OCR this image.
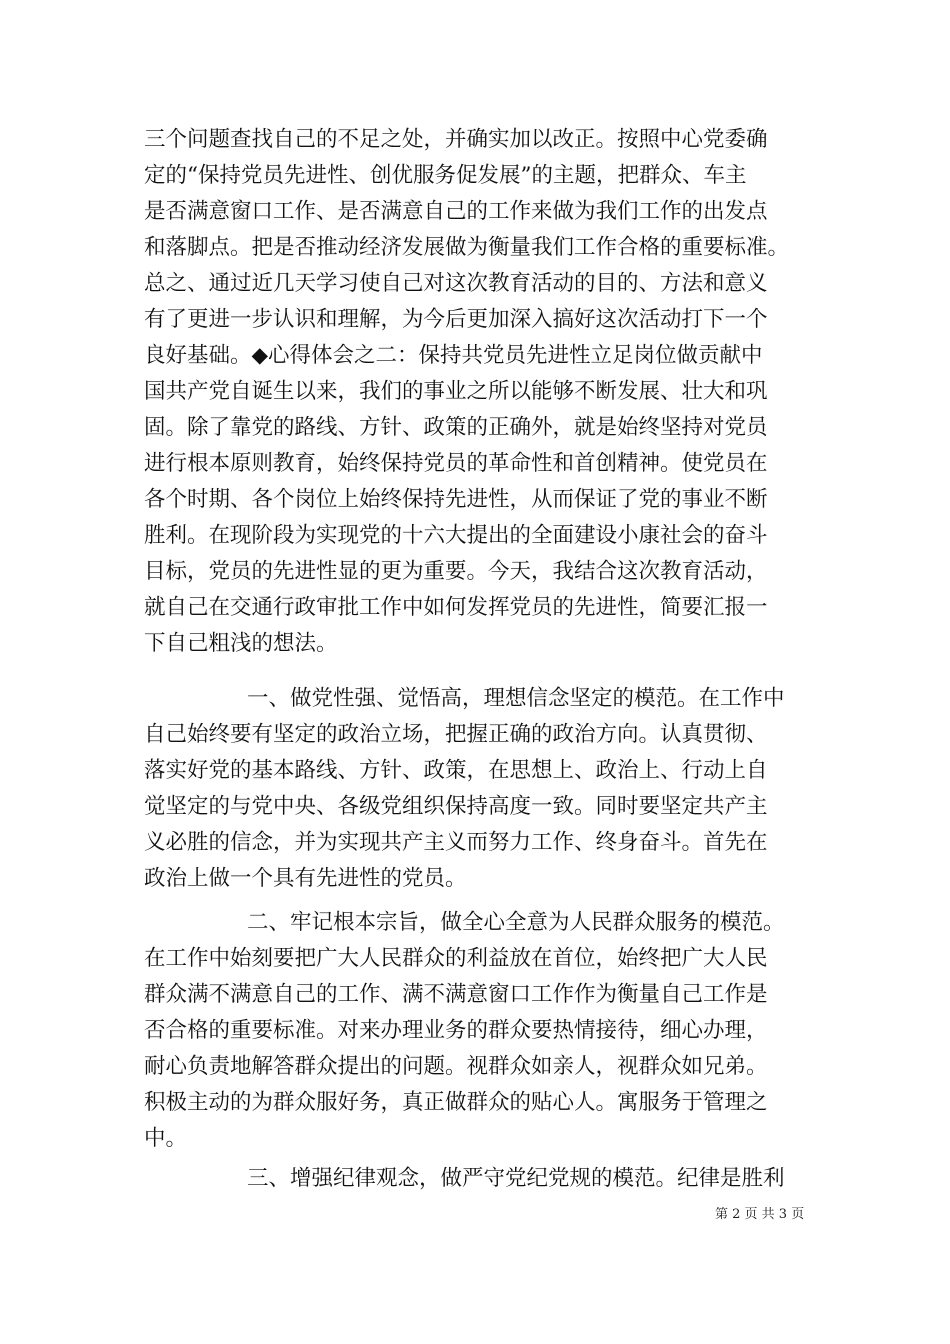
三个问题查找自己的不足之处，并确实加以改正。按照中心党委确
定的“保持党员先进性、创优服务促发展”的主题，把群众、车主
是否满意窗口工作、是否满意自己的工作来做为我们工作的出发点
和落脚点。把是否推动经济发展做为衡量我们工作合格的重要标准。
总之、通过近几天学习使自己对这次教育活动的目的、方法和意义
有了更进一步认识和理解，为今后更加深入搞好这次活动打下一个
良好基础。◆心得体会之二：保持共党员先进性立足岗位做贡献中
国共产党自诞生以来，我们的事业之所以能够不断发展、壮大和巩
固。除了靠党的路线、方针、政策的正确外，就是始终坚持对党员
进行根本原则教育，始终保持党员的革命性和首创精神。使党员在
各个时期、各个岗位上始终保持先进性，从而保证了党的事业不断
胜利。在现阶段为实现党的十六大提出的全面建设小康社会的奋斗
目标，党员的先进性显的更为重要。今天，我结合这次教育活动，
就自己在交通行政审批工作中如何发挥党员的先进性，简要汇报一
下自己粗浅的想法。
一、做党性强、觉悟高，理想信念坚定的模范。在工作中
自己始终要有坚定的政治立场，把握正确的政治方向。认真贯彻、
落实好党的基本路线、方针、政策，在思想上、政治上、行动上自
觉坚定的与党中央、各级党组织保持高度一致。同时要坚定共产主
义必胜的信念，并为实现共产主义而努力工作、终身奋斗。首先在
政治上做一个具有先进性的党员。
二、牢记根本宗旨，做全心全意为人民群众服务的模范。
在工作中始刻要把广大人民群众的利益放在首位，始终把广大人民
群众满不满意自己的工作、满不满意窗口工作作为衡量自己工作是
否合格的重要标准。对来办理业务的群众要热情接待，细心办理，
耐心负责地解答群众提出的问题。视群众如亲人，视群众如兄弟。
积极主动的为群众服好务，真正做群众的贴心人。寓服务于管理之
中。
三、增强纪律观念，做严守党纪党规的模范。纪律是胜利
第 2 页 共 3 页
